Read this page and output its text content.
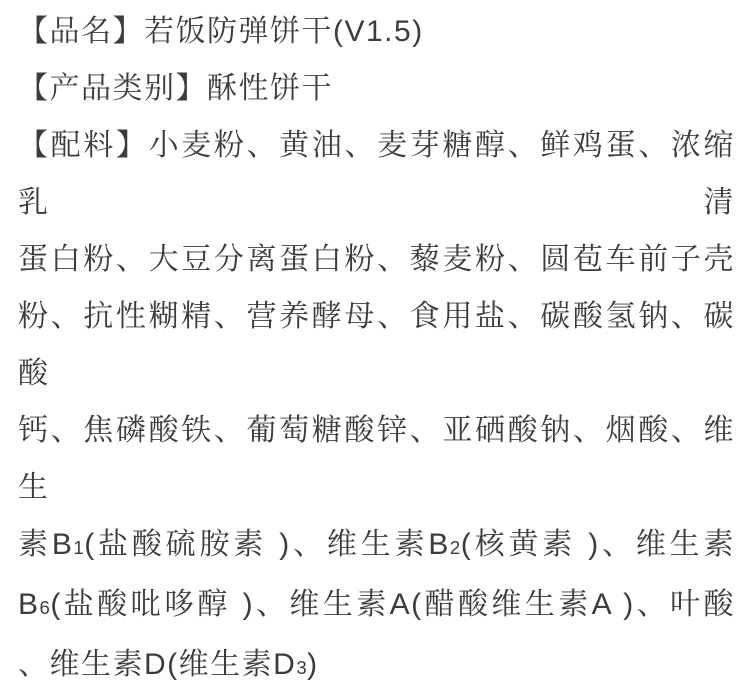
【品名】若饭防弹饼干(V1.5)
【产品类别】酥性饼干
【配料】小麦粉、黄油、麦芽糖醇、鲜鸡蛋、浓缩乳清
蛋白粉、大豆分离蛋白粉、藜麦粉、圆苞车前子壳
粉、抗性糊精、营养酵母、食用盐、碳酸氢钠、碳酸
钙、焦磷酸铁、葡萄糖酸锌、亚硒酸钠、烟酸、维生
素B1(盐酸硫胺素 )、维生素B2(核黄素 )、维生素
B6(盐酸吡哆醇 )、维生素A(醋酸维生素A )、叶酸
、维生素D(维生素D3)
